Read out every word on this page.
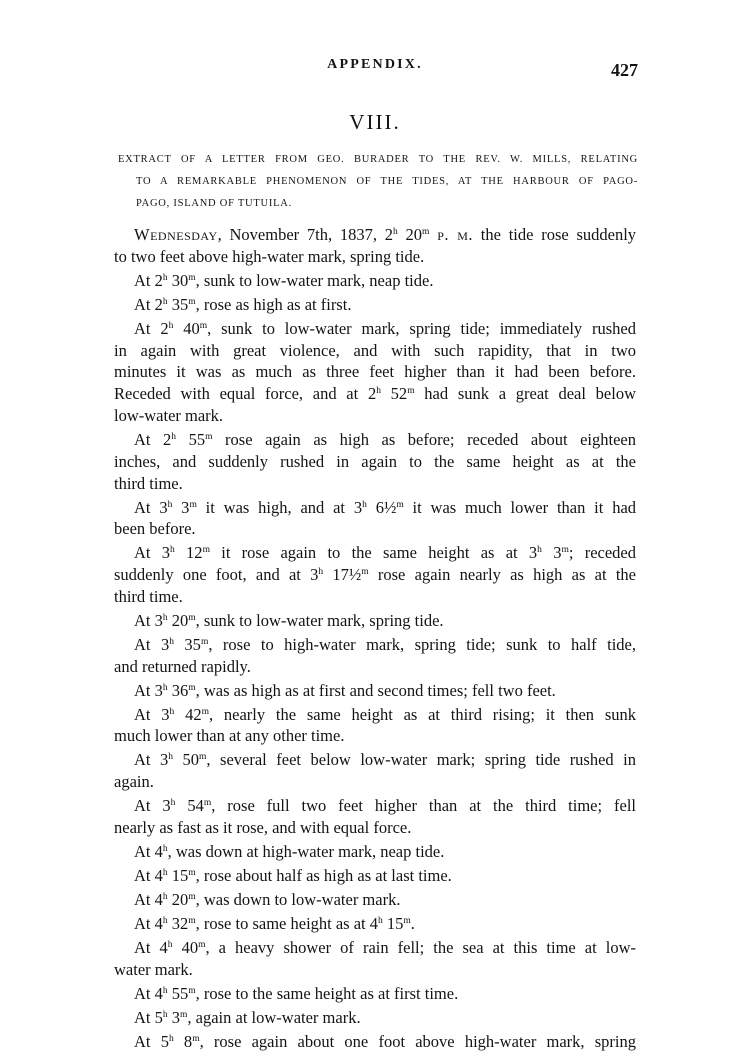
APPENDIX.	427
VIII.
EXTRACT OF A LETTER FROM GEO. BURADER TO THE REV. W. MILLS, RELATING
TO A REMARKABLE PHENOMENON OF THE TIDES, AT THE HARBOUR OF PAGO-
PAGO, ISLAND OF TUTUILA.
Wednesday, November 7th, 1837, 2$^h$ 20$^m$ p. m. the tide rose suddenly
to two feet above high-water mark, spring tide.
At 2$^h$ 30$^m$, sunk to low-water mark, neap tide.
At 2$^h$ 35$^m$, rose as high as at first.
At 2$^h$ 40$^m$, sunk to low-water mark, spring tide; immediately rushed
in again with great violence, and with such rapidity, that in two
minutes it was as much as three feet higher than it had been before.
Receded with equal force, and at 2$^h$ 52$^m$ had sunk a great deal below
low-water mark.
At 2$^h$ 55$^m$ rose again as high as before; receded about eighteen
inches, and suddenly rushed in again to the same height as at the
third time.
At 3$^h$ 3$^m$ it was high, and at 3$^h$ 6½$^m$ it was much lower than it had
been before.
At 3$^h$ 12$^m$ it rose again to the same height as at 3$^h$ 3$^m$; receded
suddenly one foot, and at 3$^h$ 17½$^m$ rose again nearly as high as at the
third time.
At 3$^h$ 20$^m$, sunk to low-water mark, spring tide.
At 3$^h$ 35$^m$, rose to high-water mark, spring tide; sunk to half tide,
and returned rapidly.
At 3$^h$ 36$^m$, was as high as at first and second times; fell two feet.
At 3$^h$ 42$^m$, nearly the same height as at third rising; it then sunk
much lower than at any other time.
At 3$^h$ 50$^m$, several feet below low-water mark; spring tide rushed in
again.
At 3$^h$ 54$^m$, rose full two feet higher than at the third time; fell
nearly as fast as it rose, and with equal force.
At 4$^h$, was down at high-water mark, neap tide.
At 4$^h$ 15$^m$, rose about half as high as at last time.
At 4$^h$ 20$^m$, was down to low-water mark.
At 4$^h$ 32$^m$, rose to same height as at 4$^h$ 15$^m$.
At 4$^h$ 40$^m$, a heavy shower of rain fell; the sea at this time at low-
water mark.
At 4$^h$ 55$^m$, rose to the same height as at first time.
At 5$^h$ 3$^m$, again at low-water mark.
At 5$^h$ 8$^m$, rose again about one foot above high-water mark, spring
